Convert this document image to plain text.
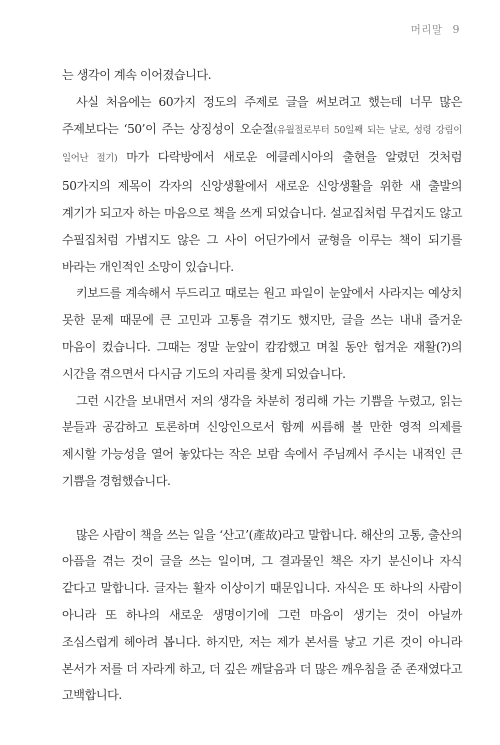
머리말 9

는 생각이 계속 이어졌습니다.

사실 처음에는 60가지 정도의 주제로 글을 써보려고 했는데 너무 많은 주제보다는 ‘50’이 주는 상징성이 오순절(유월절로부터 50일째 되는 날로, 성령 강림이 일어난 절기) 마가 다락방에서 새로운 에클레시아의 출현을 알렸던 것처럼 50가지의 제목이 각자의 신앙생활에서 새로운 신앙생활을 위한 새 출발의 계기가 되고자 하는 마음으로 책을 쓰게 되었습니다. 설교집처럼 무겁지도 않고 수필집처럼 가볍지도 않은 그 사이 어딘가에서 균형을 이루는 책이 되기를 바라는 개인적인 소망이 있습니다.

키보드를 계속해서 두드리고 때로는 원고 파일이 눈앞에서 사라지는 예상치 못한 문제 때문에 큰 고민과 고통을 겪기도 했지만, 글을 쓰는 내내 즐거운 마음이 컸습니다. 그때는 정말 눈앞이 캄캄했고 며칠 동안 험겨운 재활(?)의 시간을 겪으면서 다시금 기도의 자리를 찾게 되었습니다.

그런 시간을 보내면서 저의 생각을 차분히 정리해 가는 기쁨을 누렸고, 읽는 분들과 공감하고 토론하며 신앙인으로서 함께 씨름해 볼 만한 영적 의제를 제시할 가능성을 열어 놓았다는 작은 보람 속에서 주님께서 주시는 내적인 큰 기쁨을 경험했습니다.

많은 사람이 책을 쓰는 일을 ‘산고’(產故)라고 말합니다. 해산의 고통, 출산의 아픔을 겪는 것이 글을 쓰는 일이며, 그 결과물인 책은 자기 분신이나 자식 같다고 말합니다. 글자는 활자 이상이기 때문입니다. 자식은 또 하나의 사람이 아니라 또 하나의 새로운 생명이기에 그런 마음이 생기는 것이 아닐까 조심스럽게 헤아려 봅니다. 하지만, 저는 제가 본서를 낳고 기른 것이 아니라 본서가 저를 더 자라게 하고, 더 깊은 깨달음과 더 많은 깨우침을 준 존재였다고 고백합니다.
